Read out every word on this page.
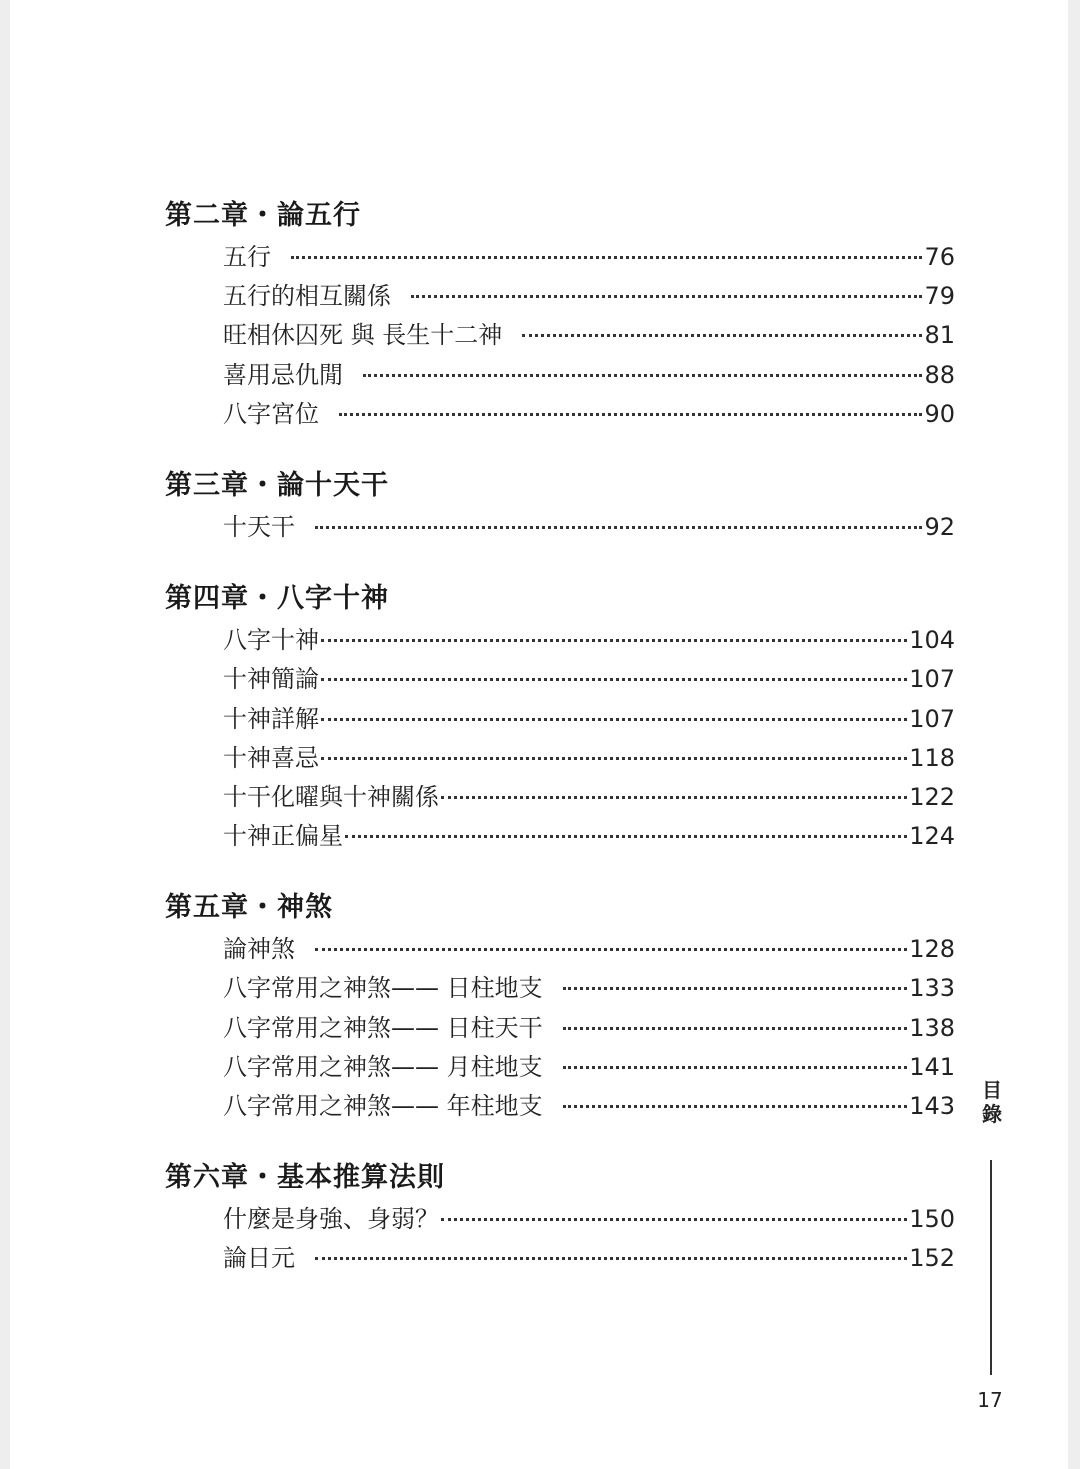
第二章・論五行
五行	76
五行的相互關係	79
旺相休囚死 與 長生十二神	81
喜用忌仇閒	88
八字宮位	90
第三章・論十天干
十天干	92
第四章・八字十神
八字十神	104
十神簡論	107
十神詳解	107
十神喜忌	118
十干化曜與十神關係	122
十神正偏星	124
第五章・神煞
論神煞	128
八字常用之神煞—— 日柱地支	133
八字常用之神煞—— 日柱天干	138
八字常用之神煞—— 月柱地支	141
八字常用之神煞—— 年柱地支	143
第六章・基本推算法則
什麼是身強、身弱？	150
論日元	152
目
錄
17
